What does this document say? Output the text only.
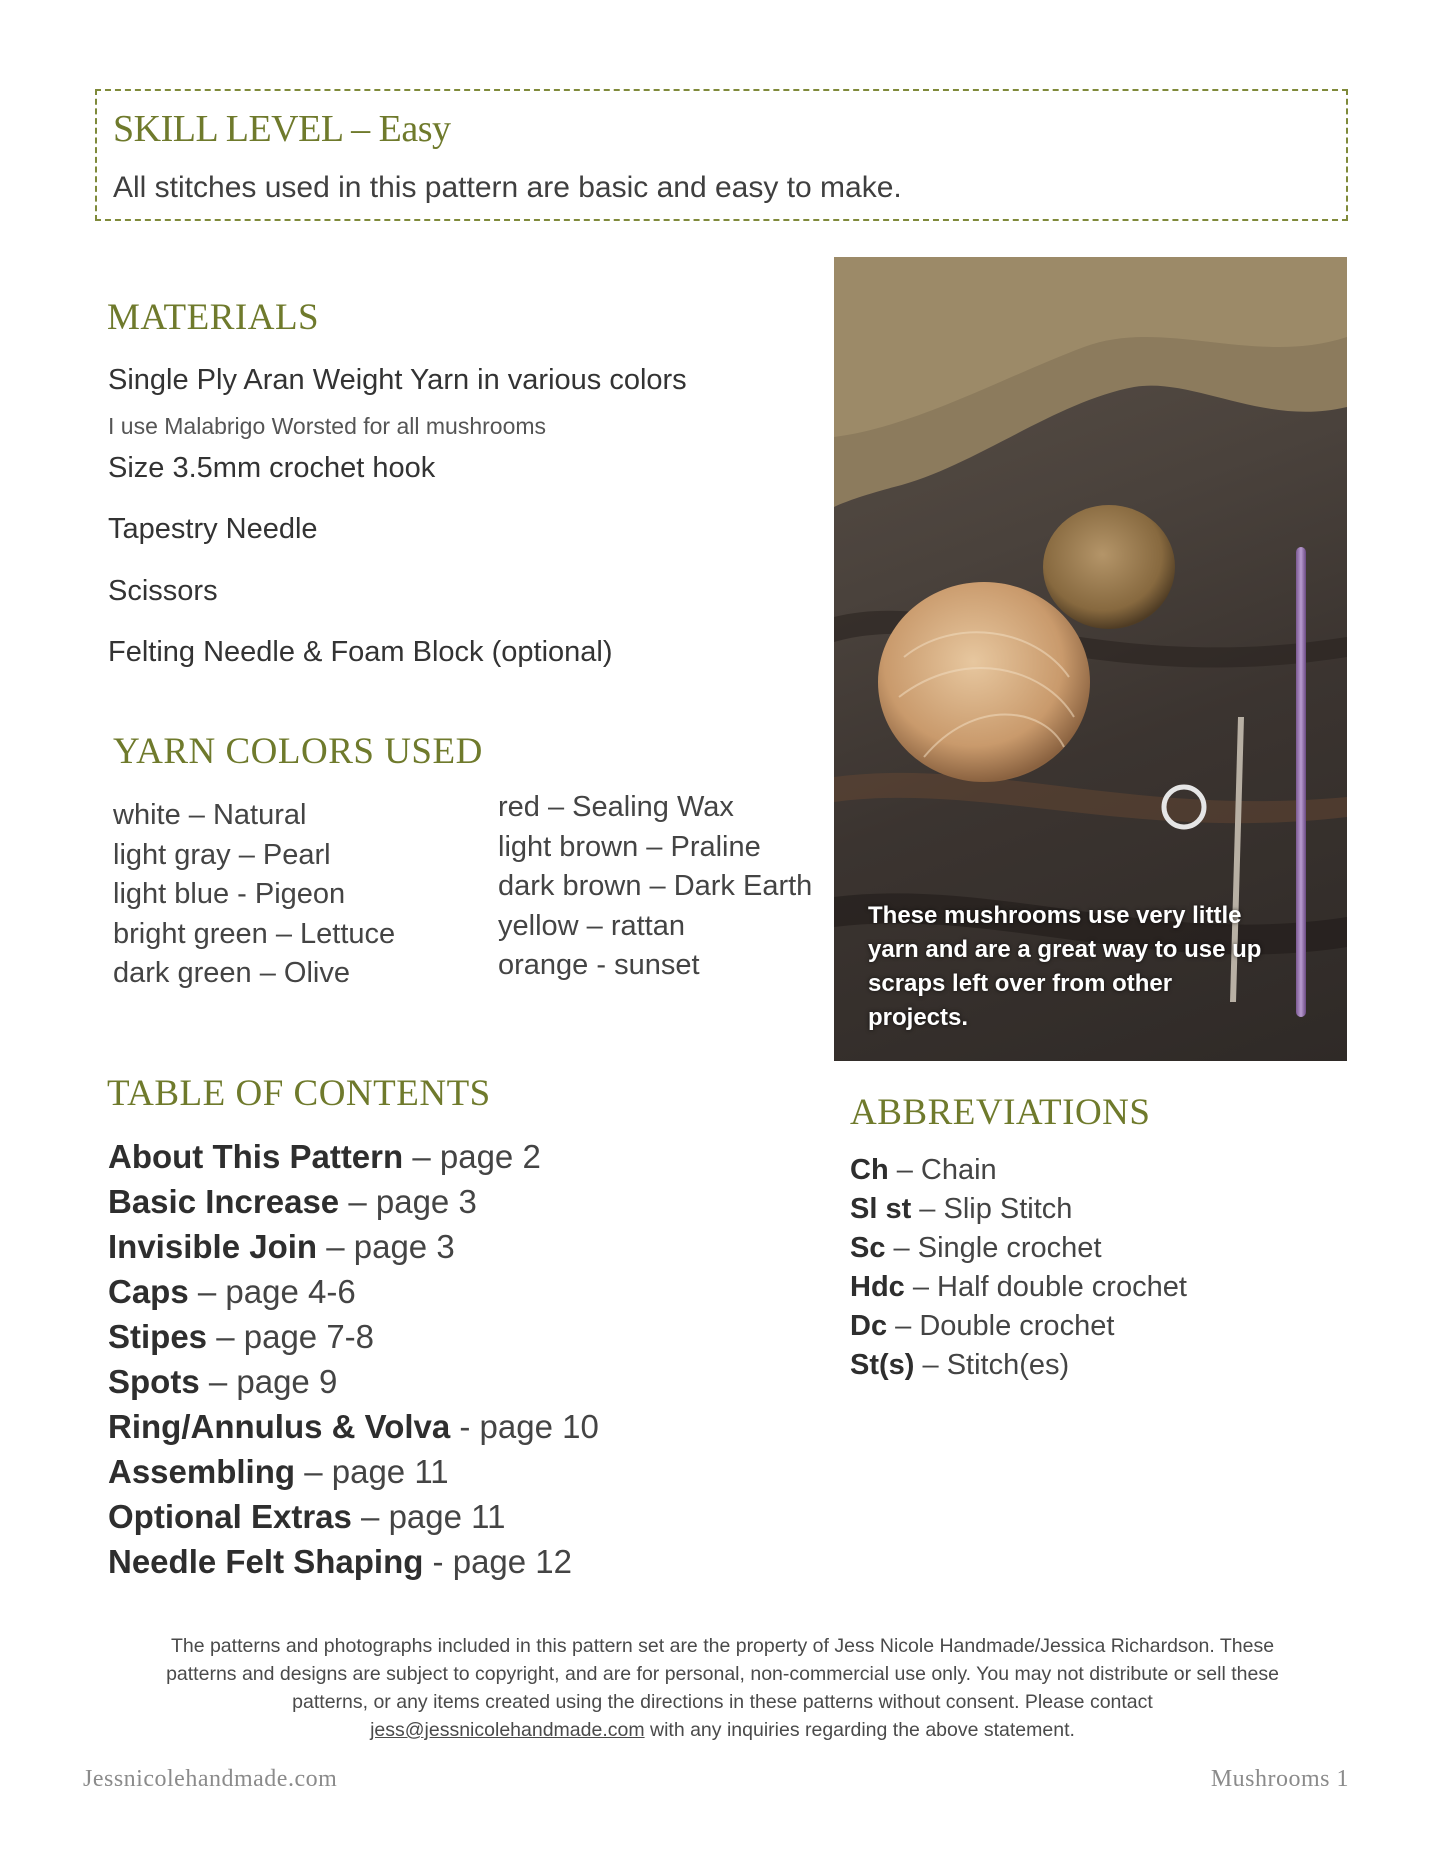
SKILL LEVEL – Easy
All stitches used in this pattern are basic and easy to make.
MATERIALS
Single Ply Aran Weight Yarn in various colors
I use Malabrigo Worsted for all mushrooms
Size 3.5mm crochet hook
Tapestry Needle
Scissors
Felting Needle & Foam Block (optional)
YARN COLORS USED
white – Natural
light gray – Pearl
light blue - Pigeon
bright green – Lettuce
dark green – Olive
red – Sealing Wax
light brown – Praline
dark brown – Dark Earth
yellow – rattan
orange - sunset
These mushrooms use very little yarn and are a great way to use up scraps left over from other projects.
TABLE OF CONTENTS
About This Pattern – page 2
Basic Increase – page 3
Invisible Join – page 3
Caps – page 4-6
Stipes – page 7-8
Spots – page 9
Ring/Annulus & Volva - page 10
Assembling – page 11
Optional Extras – page 11
Needle Felt Shaping - page 12
ABBREVIATIONS
Ch – Chain
Sl st – Slip Stitch
Sc – Single crochet
Hdc – Half double crochet
Dc – Double crochet
St(s) – Stitch(es)
The patterns and photographs included in this pattern set are the property of Jess Nicole Handmade/Jessica Richardson. These
patterns and designs are subject to copyright, and are for personal, non-commercial use only. You may not distribute or sell these
patterns, or any items created using the directions in these patterns without consent. Please contact
jess@jessnicolehandmade.com with any inquiries regarding the above statement.
Jessnicolehandmade.com	Mushrooms 1
